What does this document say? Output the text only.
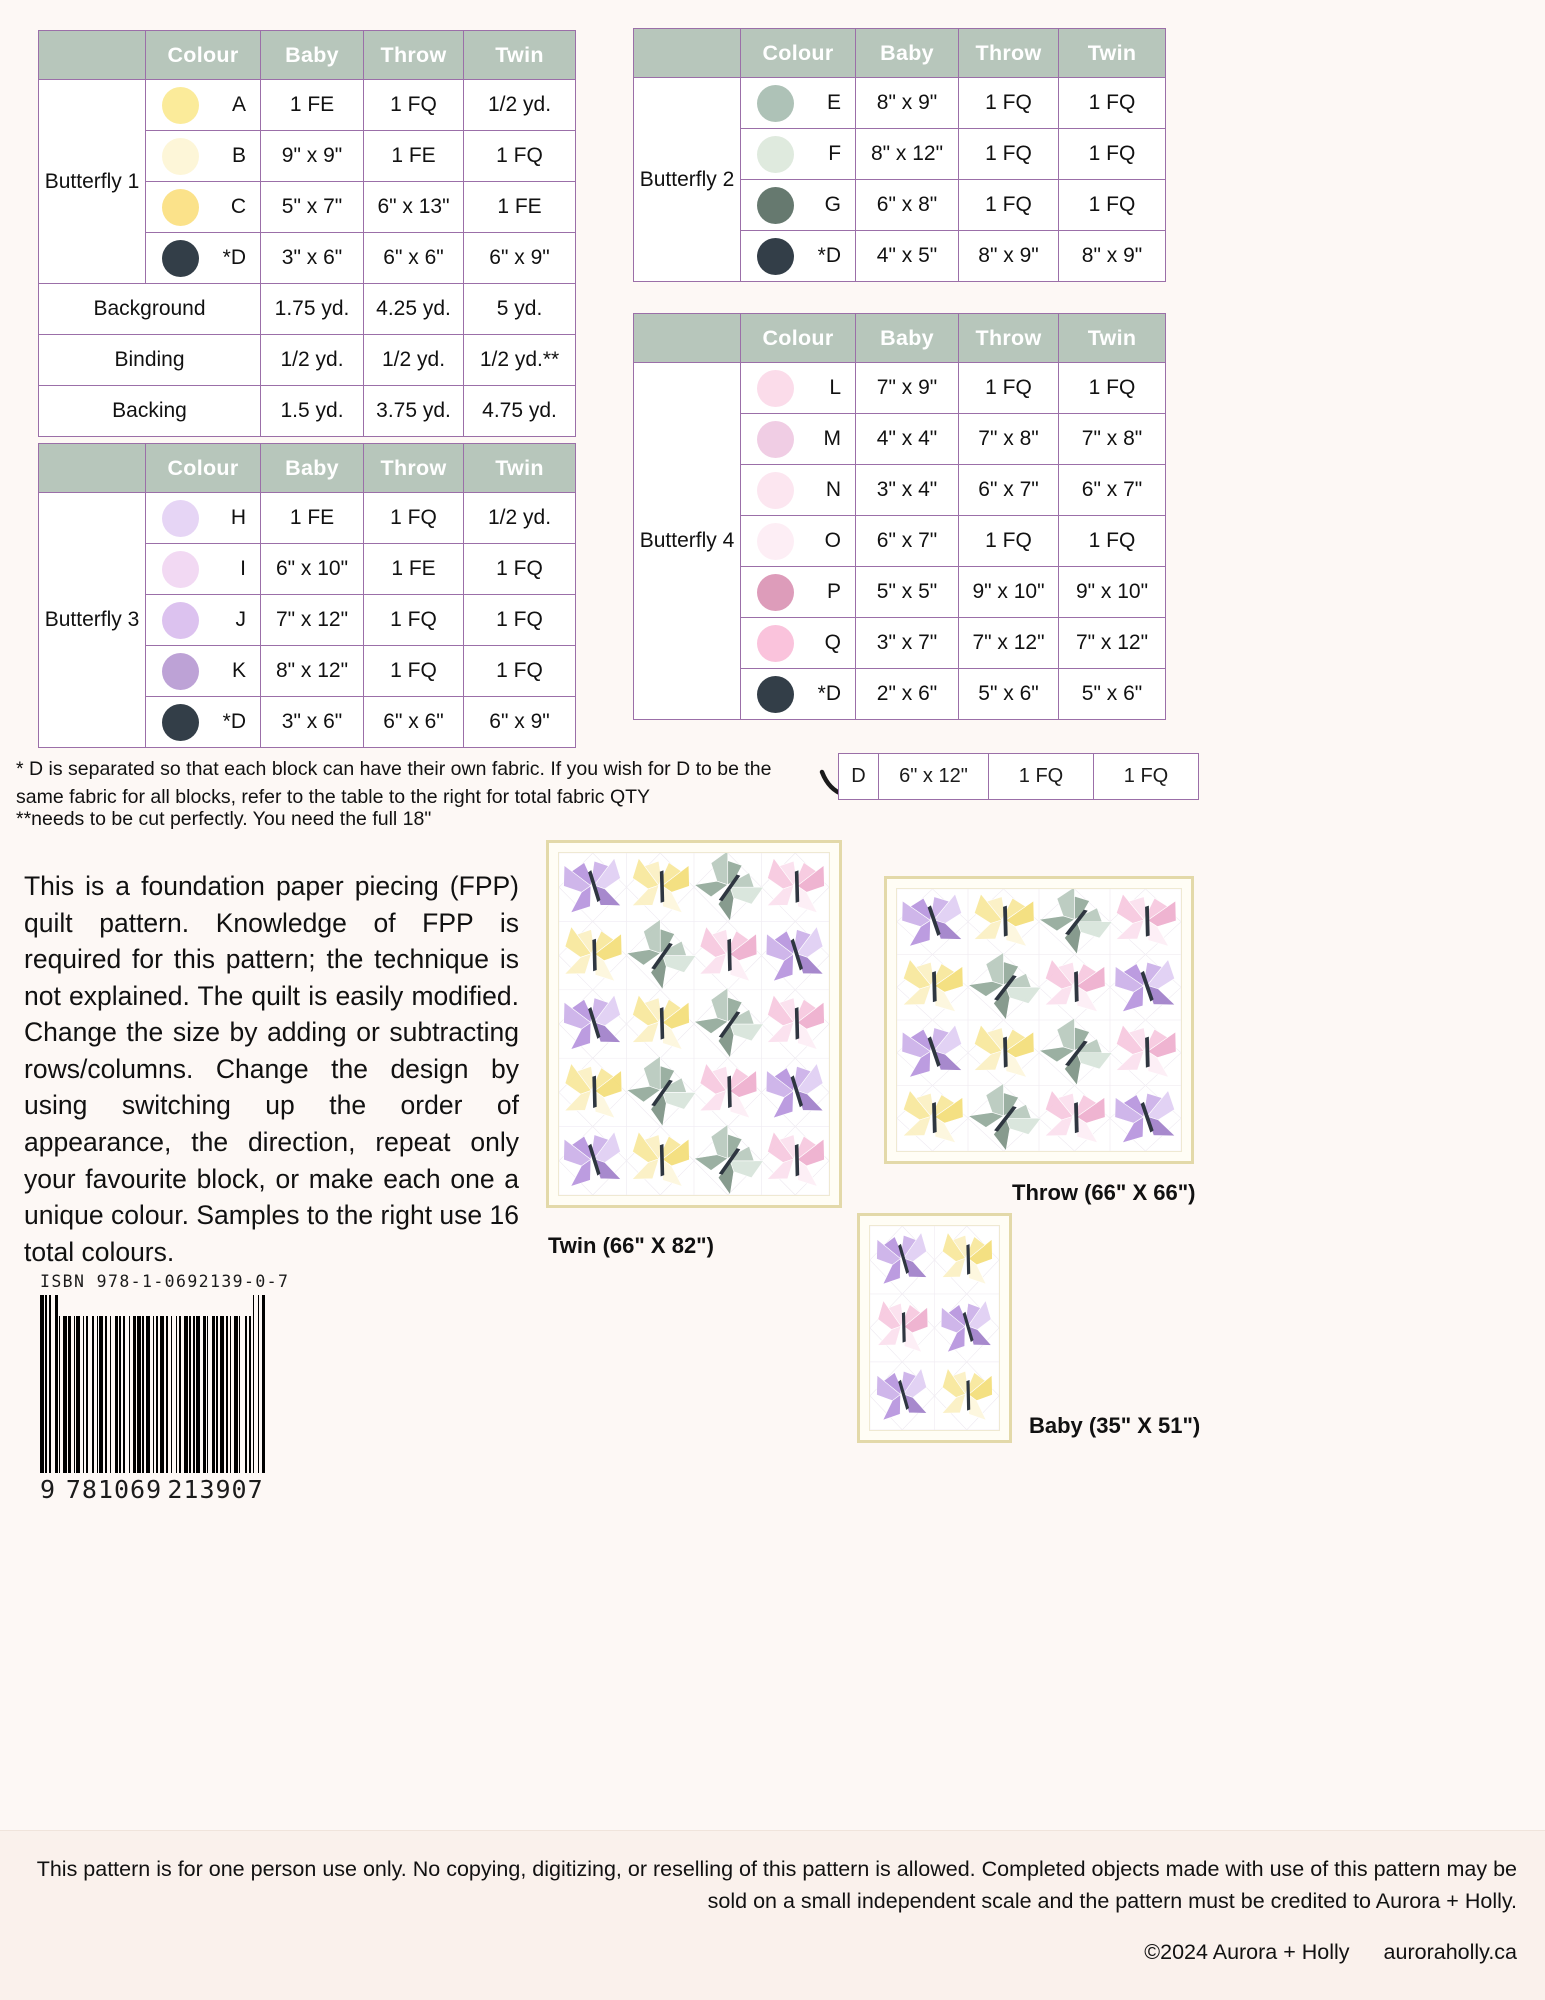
	Colour	Baby	Throw	Twin
Butterfly 1	A	1 FE	1 FQ	1/2 yd.

	B	9" x 9"	1 FE	1 FQ

	C	5" x 7"	6" x 13"	1 FE

	*D	3" x 6"	6" x 6"	6" x 9"
Background		1.75 yd.	4.25 yd.	5 yd.
Binding		1/2 yd.	1/2 yd.	1/2 yd.**
Backing		1.5 yd.	3.75 yd.	4.75 yd.
	Colour	Baby	Throw	Twin
Butterfly 3	H	1 FE	1 FQ	1/2 yd.

	I	6" x 10"	1 FE	1 FQ

	J	7" x 12"	1 FQ	1 FQ

	K	8" x 12"	1 FQ	1 FQ

	*D	3" x 6"	6" x 6"	6" x 9"
	Colour	Baby	Throw	Twin
Butterfly 2	E	8" x 9"	1 FQ	1 FQ

	F	8" x 12"	1 FQ	1 FQ

	G	6" x 8"	1 FQ	1 FQ

	*D	4" x 5"	8" x 9"	8" x 9"
	Colour	Baby	Throw	Twin
Butterfly 4	L	7" x 9"	1 FQ	1 FQ

	M	4" x 4"	7" x 8"	7" x 8"

	N	3" x 4"	6" x 7"	6" x 7"

	O	6" x 7"	1 FQ	1 FQ

	P	5" x 5"	9" x 10"	9" x 10"

	Q	3" x 7"	7" x 12"	7" x 12"

	*D	2" x 6"	5" x 6"	5" x 6"
* D is separated so that each block can have their own fabric. If you wish for D to be the same fabric for all blocks, refer to the table to the right for total fabric QTY
**needs to be cut perfectly. You need the full 18"
D	6" x 12"	1 FQ	1 FQ
This is a foundation paper piecing (FPP) quilt pattern. Knowledge of FPP is required for this pattern; the technique is not explained. The quilt is easily modified. Change the size by adding or subtracting rows/columns. Change the design by using switching up the order of appearance, the direction, repeat only your favourite block, or make each one a unique colour. Samples to the right use 16 total colours.	Twin (66" X 82")
Throw (66" X 66")
Baby (35" X 51")
ISBN 978-1-0692139-0-7
9 781069 213907
This pattern is for one person use only. No copying, digitizing, or reselling of this pattern is allowed. Completed objects made with use of this pattern may be sold on a small independent scale and the pattern must be credited to Aurora + Holly.
©2024 Aurora + Holly auroraholly.ca
